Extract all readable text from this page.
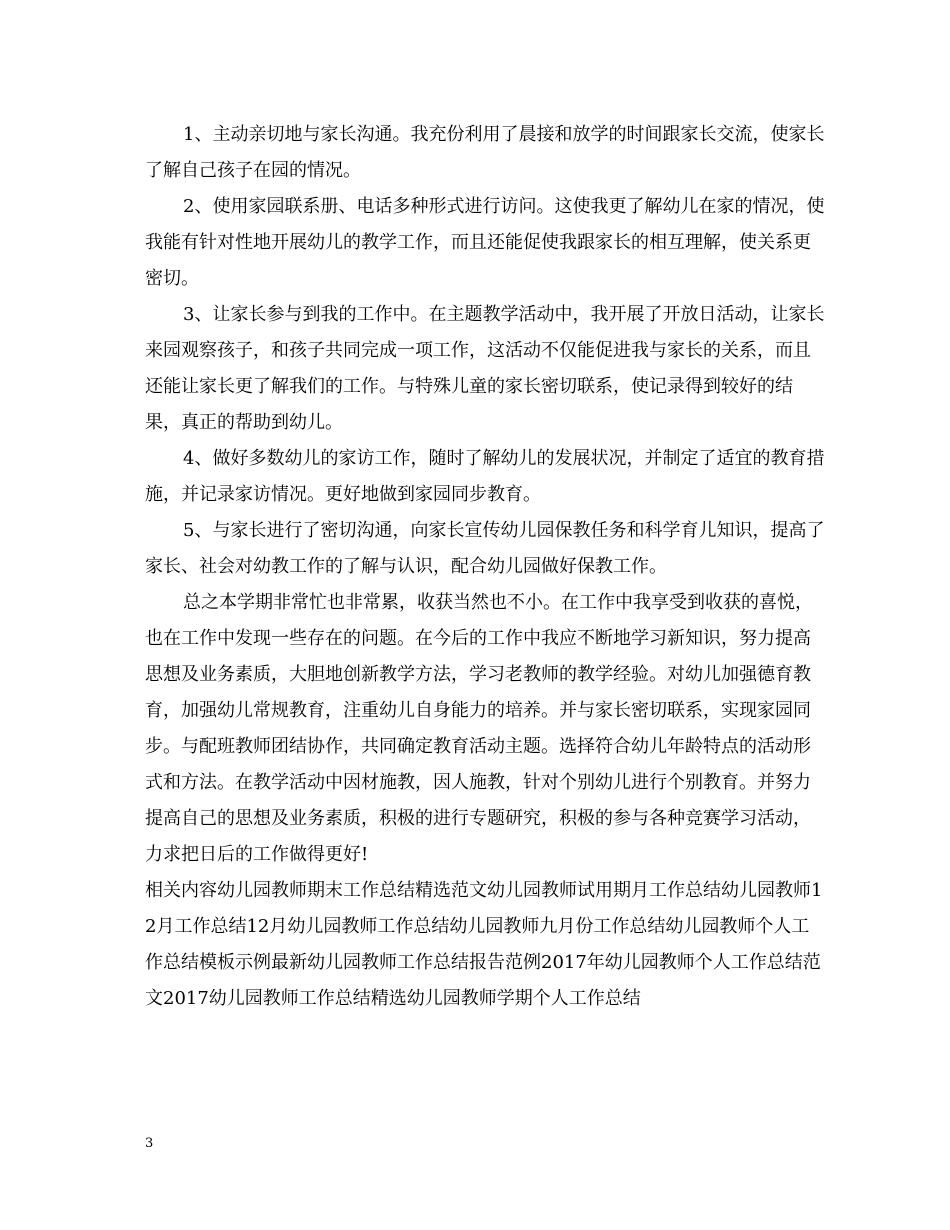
1、主动亲切地与家长沟通。我充份利用了晨接和放学的时间跟家长交流，使家长了解自己孩子在园的情况。

2、使用家园联系册、电话多种形式进行访问。这使我更了解幼儿在家的情况，使我能有针对性地开展幼儿的教学工作，而且还能促使我跟家长的相互理解，使关系更密切。

3、让家长参与到我的工作中。在主题教学活动中，我开展了开放日活动，让家长来园观察孩子，和孩子共同完成一项工作，这活动不仅能促进我与家长的关系，而且还能让家长更了解我们的工作。与特殊儿童的家长密切联系，使记录得到较好的结果，真正的帮助到幼儿。

4、做好多数幼儿的家访工作，随时了解幼儿的发展状况，并制定了适宜的教育措施，并记录家访情况。更好地做到家园同步教育。

5、与家长进行了密切沟通，向家长宣传幼儿园保教任务和科学育儿知识，提高了家长、社会对幼教工作的了解与认识，配合幼儿园做好保教工作。

总之本学期非常忙也非常累，收获当然也不小。在工作中我享受到收获的喜悦，也在工作中发现一些存在的问题。在今后的工作中我应不断地学习新知识，努力提高思想及业务素质，大胆地创新教学方法，学习老教师的教学经验。对幼儿加强德育教育，加强幼儿常规教育，注重幼儿自身能力的培养。并与家长密切联系，实现家园同步。与配班教师团结协作，共同确定教育活动主题。选择符合幼儿年龄特点的活动形式和方法。在教学活动中因材施教，因人施教，针对个别幼儿进行个别教育。并努力提高自己的思想及业务素质，积极的进行专题研究，积极的参与各种竞赛学习活动，力求把日后的工作做得更好!

相关内容幼儿园教师期末工作总结精选范文幼儿园教师试用期月工作总结幼儿园教师12月工作总结12月幼儿园教师工作总结幼儿园教师九月份工作总结幼儿园教师个人工作总结模板示例最新幼儿园教师工作总结报告范例2017年幼儿园教师个人工作总结范文2017幼儿园教师工作总结精选幼儿园教师学期个人工作总结

3
